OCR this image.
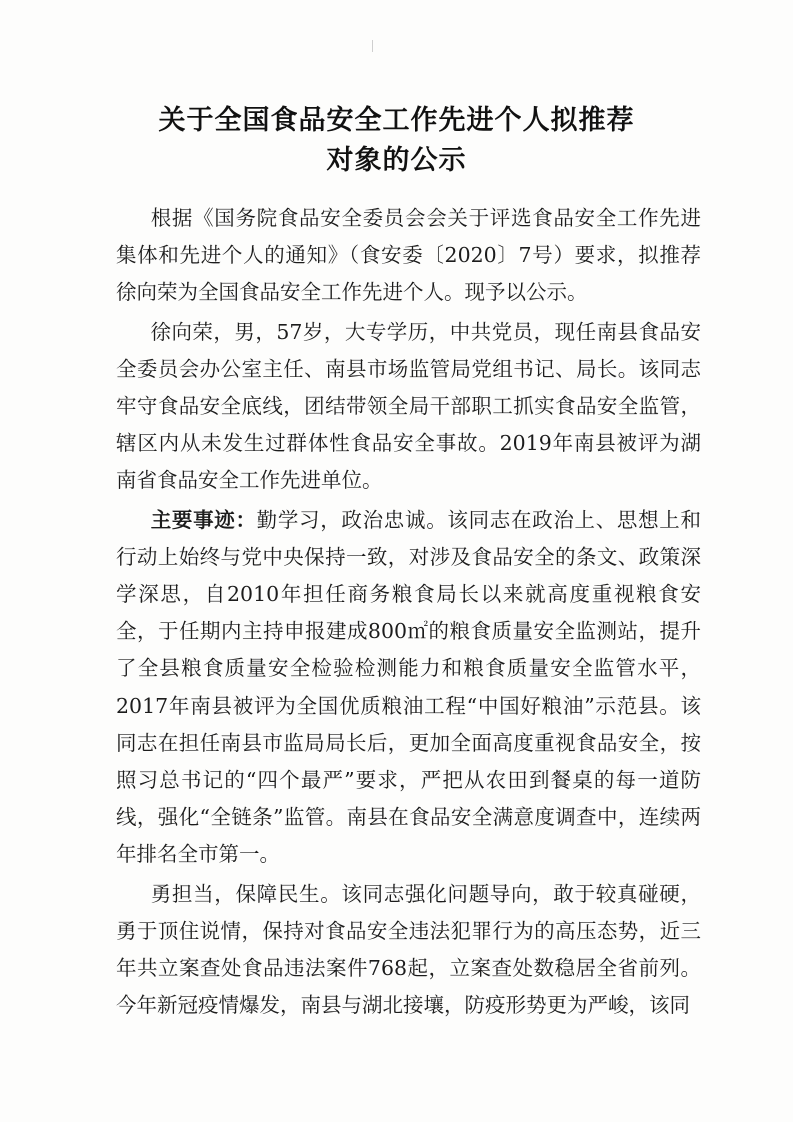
关于全国食品安全工作先进个人拟推荐
对象的公示

根据《国务院食品安全委员会会关于评选食品安全工作先进集体和先进个人的通知》（食安委〔2020〕7号）要求，拟推荐徐向荣为全国食品安全工作先进个人。现予以公示。

徐向荣，男，57岁，大专学历，中共党员，现任南县食品安全委员会办公室主任、南县市场监管局党组书记、局长。该同志牢守食品安全底线，团结带领全局干部职工抓实食品安全监管，辖区内从未发生过群体性食品安全事故。2019年南县被评为湖南省食品安全工作先进单位。

主要事迹：勤学习，政治忠诚。该同志在政治上、思想上和行动上始终与党中央保持一致，对涉及食品安全的条文、政策深学深思，自2010年担任商务粮食局长以来就高度重视粮食安全，于任期内主持申报建成800㎡的粮食质量安全监测站，提升了全县粮食质量安全检验检测能力和粮食质量安全监管水平，2017年南县被评为全国优质粮油工程“中国好粮油”示范县。该同志在担任南县市监局局长后，更加全面高度重视食品安全，按照习总书记的“四个最严”要求，严把从农田到餐桌的每一道防线，强化“全链条”监管。南县在食品安全满意度调查中，连续两年排名全市第一。

勇担当，保障民生。该同志强化问题导向，敢于较真碰硬，勇于顶住说情，保持对食品安全违法犯罪行为的高压态势，近三年共立案查处食品违法案件768起，立案查处数稳居全省前列。今年新冠疫情爆发，南县与湖北接壤，防疫形势更为严峻，该同
